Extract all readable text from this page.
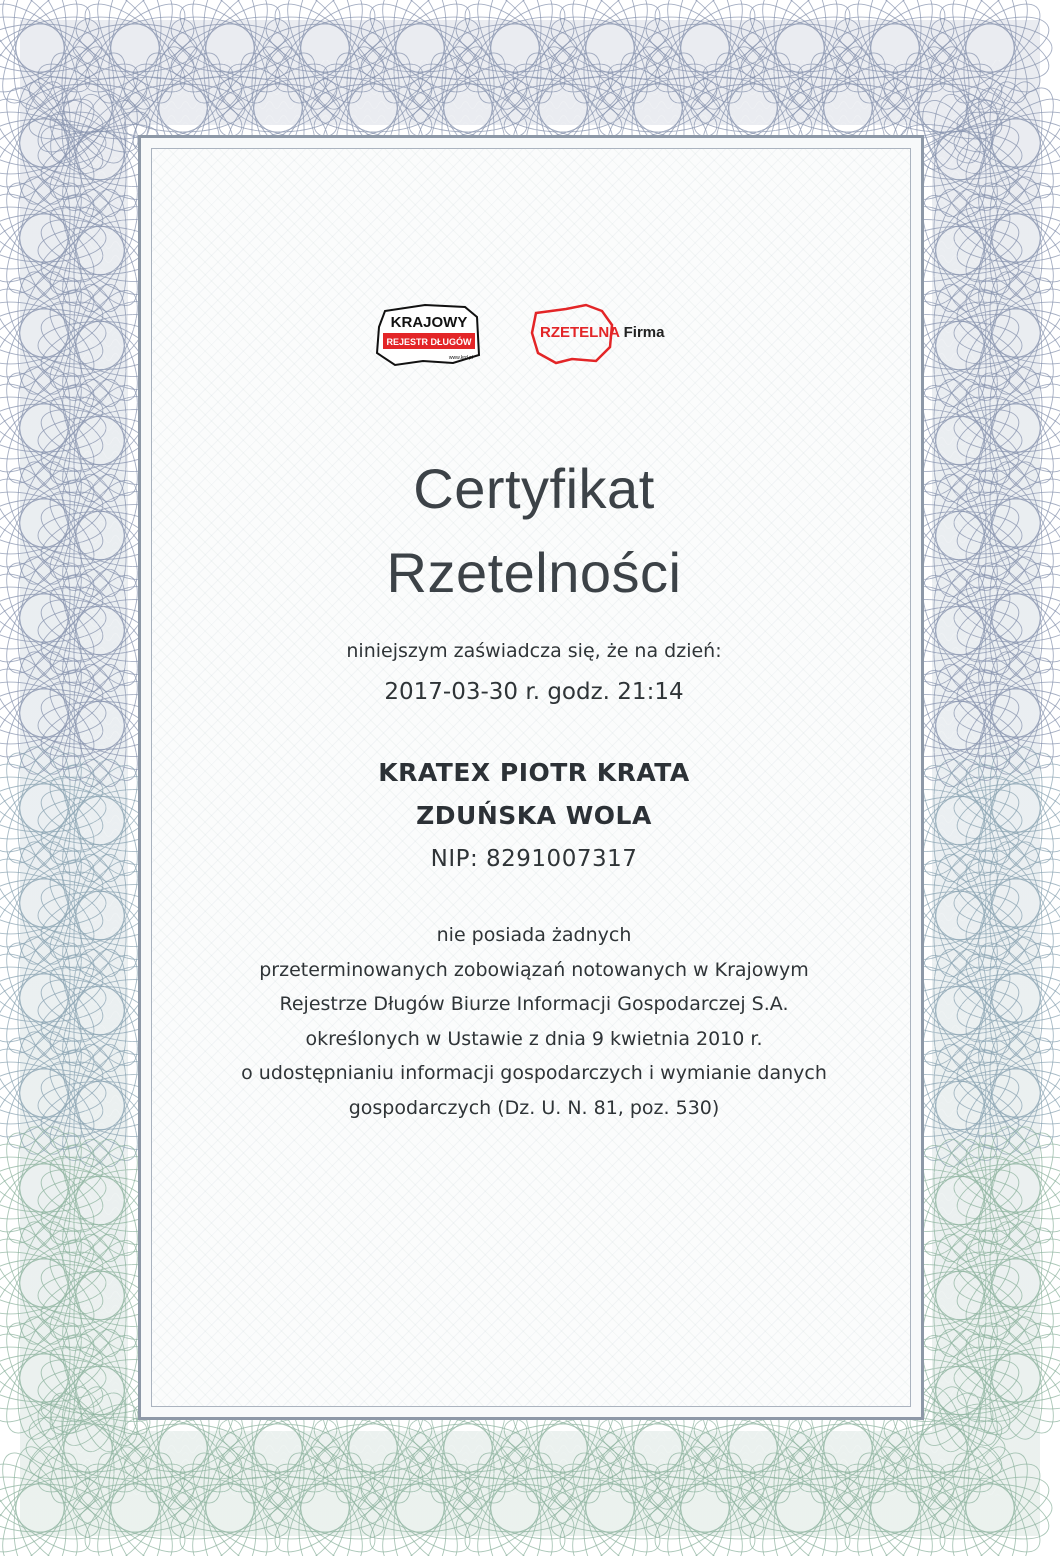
KRAJOWY
REJESTR DŁUGÓW
www.krd.pl
RZETELNA Firma
Certyfikat
Rzetelności
niniejszym zaświadcza się, że na dzień:
2017-03-30 r. godz. 21:14
KRATEX PIOTR KRATA
ZDUŃSKA WOLA
NIP: 8291007317
nie posiada żadnych
przeterminowanych zobowiązań notowanych w Krajowym
Rejestrze Długów Biurze Informacji Gospodarczej S.A.
określonych w Ustawie z dnia 9 kwietnia 2010 r.
o udostępnianiu informacji gospodarczych i wymianie danych
gospodarczych (Dz. U. N. 81, poz. 530)
